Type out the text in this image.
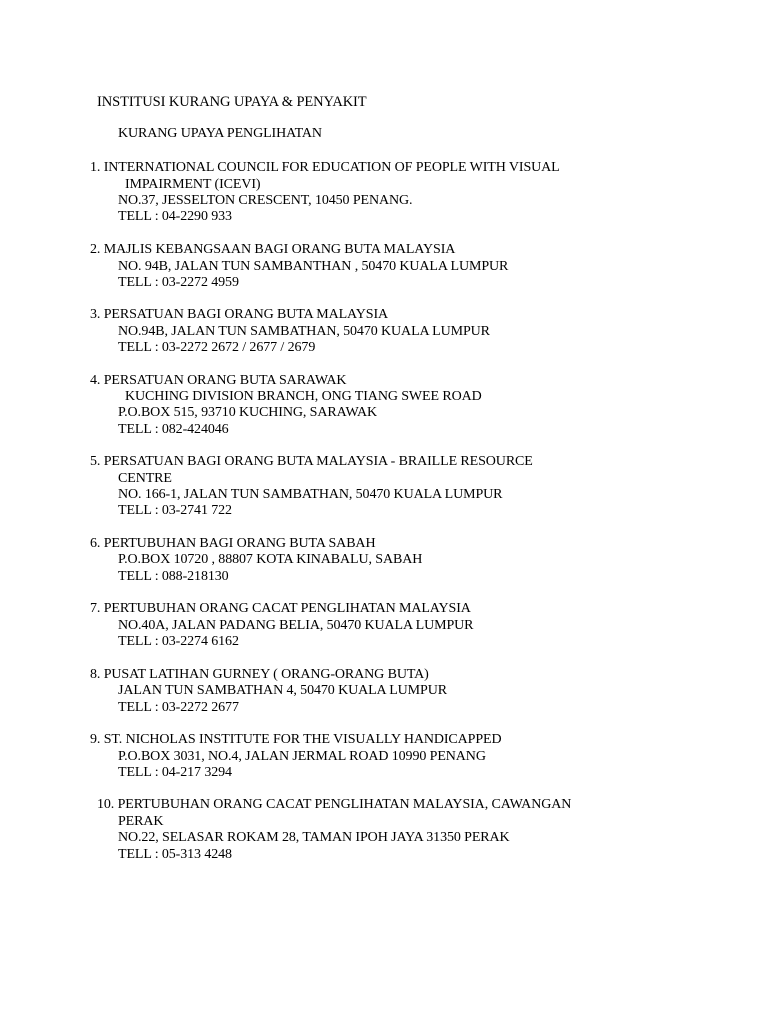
INSTITUSI KURANG UPAYA & PENYAKIT
KURANG UPAYA PENGLIHATAN
1. INTERNATIONAL COUNCIL FOR EDUCATION OF PEOPLE WITH VISUAL
IMPAIRMENT (ICEVI)
NO.37, JESSELTON CRESCENT, 10450 PENANG.
TELL : 04-2290 933
2. MAJLIS KEBANGSAAN BAGI ORANG BUTA MALAYSIA
NO. 94B, JALAN TUN SAMBANTHAN , 50470 KUALA LUMPUR
TELL : 03-2272 4959
3. PERSATUAN BAGI ORANG BUTA MALAYSIA
NO.94B, JALAN TUN SAMBATHAN, 50470 KUALA LUMPUR
TELL : 03-2272 2672 / 2677 / 2679
4. PERSATUAN ORANG BUTA SARAWAK
KUCHING DIVISION BRANCH, ONG TIANG SWEE ROAD
P.O.BOX 515, 93710 KUCHING, SARAWAK
TELL : 082-424046
5. PERSATUAN BAGI ORANG BUTA MALAYSIA - BRAILLE RESOURCE
CENTRE
NO. 166-1, JALAN TUN SAMBATHAN, 50470 KUALA LUMPUR
TELL : 03-2741 722
6. PERTUBUHAN BAGI ORANG BUTA SABAH
P.O.BOX 10720 , 88807 KOTA KINABALU, SABAH
TELL : 088-218130
7. PERTUBUHAN ORANG CACAT PENGLIHATAN MALAYSIA
NO.40A, JALAN PADANG BELIA, 50470 KUALA LUMPUR
TELL : 03-2274 6162
8. PUSAT LATIHAN GURNEY ( ORANG-ORANG BUTA)
JALAN TUN SAMBATHAN 4, 50470 KUALA LUMPUR
TELL : 03-2272 2677
9. ST. NICHOLAS INSTITUTE FOR THE VISUALLY HANDICAPPED
P.O.BOX 3031, NO.4, JALAN JERMAL ROAD 10990 PENANG
TELL : 04-217 3294
10. PERTUBUHAN ORANG CACAT PENGLIHATAN MALAYSIA, CAWANGAN
PERAK
NO.22, SELASAR ROKAM 28, TAMAN IPOH JAYA 31350 PERAK
TELL : 05-313 4248
